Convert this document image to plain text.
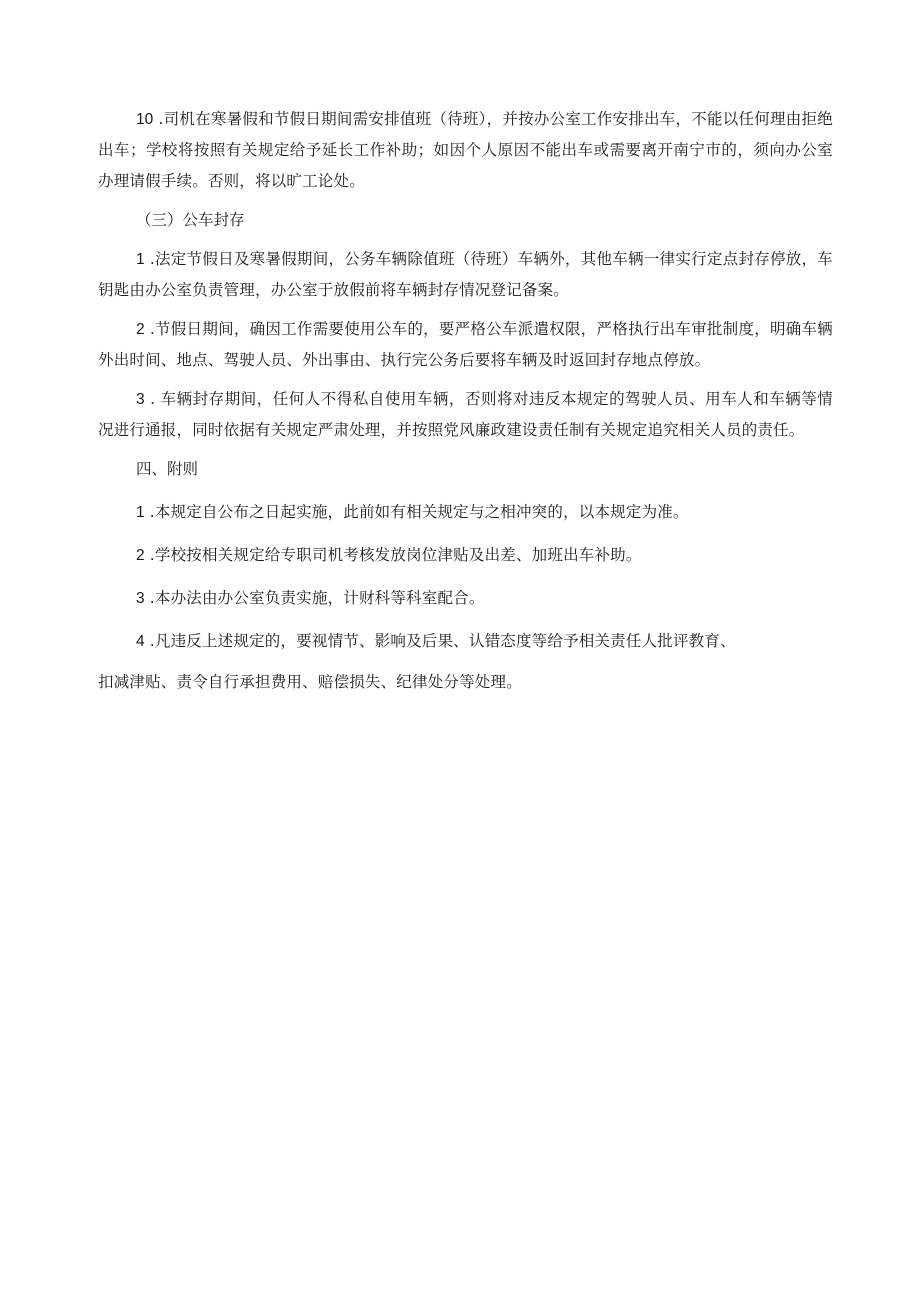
10 .司机在寒暑假和节假日期间需安排值班（待班），并按办公室工作安排出车，不能以任何理由拒绝出车；学校将按照有关规定给予延长工作补助；如因个人原因不能出车或需要离开南宁市的，须向办公室办理请假手续。否则，将以旷工论处。

（三）公车封存

1 .法定节假日及寒暑假期间，公务车辆除值班（待班）车辆外，其他车辆一律实行定点封存停放，车钥匙由办公室负责管理，办公室于放假前将车辆封存情况登记备案。

2 .节假日期间，确因工作需要使用公车的，要严格公车派遣权限，严格执行出车审批制度，明确车辆外出时间、地点、驾驶人员、外出事由、执行完公务后要将车辆及时返回封存地点停放。

3 . 车辆封存期间，任何人不得私自使用车辆，否则将对违反本规定的驾驶人员、用车人和车辆等情况进行通报，同时依据有关规定严肃处理，并按照党风廉政建设责任制有关规定追究相关人员的责任。

四、附则

1 .本规定自公布之日起实施，此前如有相关规定与之相冲突的，以本规定为准。

2 .学校按相关规定给专职司机考核发放岗位津贴及出差、加班出车补助。

3 .本办法由办公室负责实施，计财科等科室配合。

4 .凡违反上述规定的，要视情节、影响及后果、认错态度等给予相关责任人批评教育、

扣减津贴、责令自行承担费用、赔偿损失、纪律处分等处理。
